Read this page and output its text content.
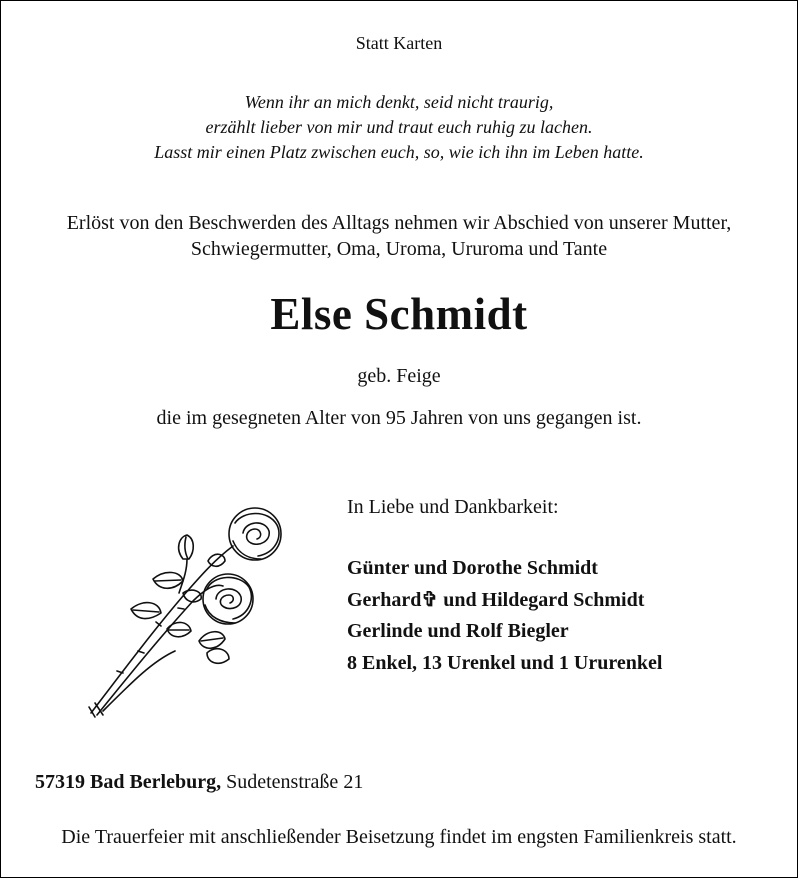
Statt Karten

Wenn ihr an mich denkt, seid nicht traurig,

erzählt lieber von mir und traut euch ruhig zu lachen.

Lasst mir einen Platz zwischen euch, so, wie ich ihn im Leben hatte.

Erlöst von den Beschwerden des Alltags nehmen wir Abschied von unserer Mutter,

Schwiegermutter, Oma, Uroma, Ururoma und Tante

Else Schmidt
geb. Feige
die im gesegneten Alter von 95 Jahren von uns gegangen ist.

In Liebe und Dankbarkeit:

Günter und Dorothe Schmidt

Gerhard✞ und Hildegard Schmidt

Gerlinde und Rolf Biegler

8 Enkel, 13 Urenkel und 1 Ururenkel

57319 Bad Berleburg, Sudetenstraße 21
Die Trauerfeier mit anschließender Beisetzung findet im engsten Familienkreis statt.
